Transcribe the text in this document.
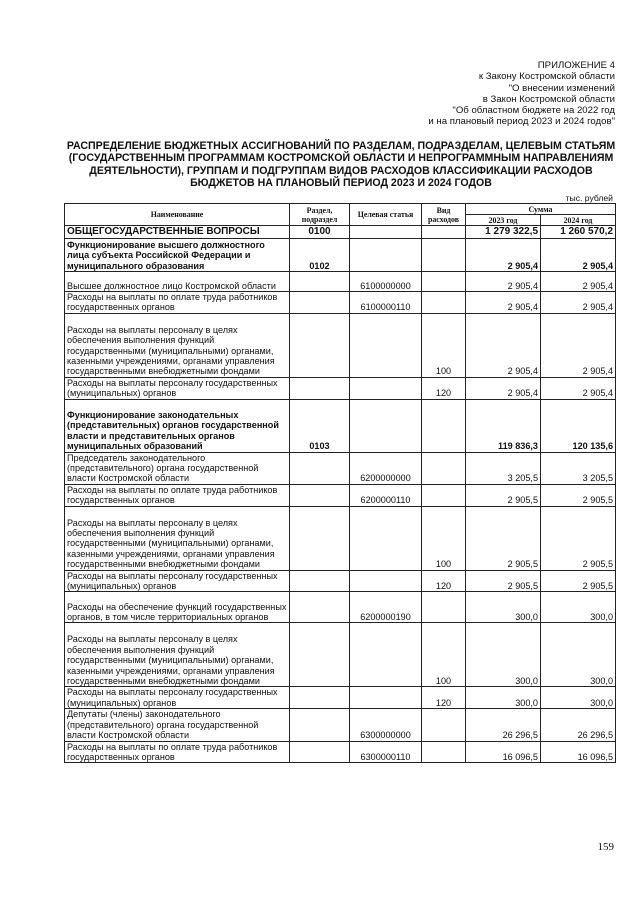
ПРИЛОЖЕНИЕ 4
к Закону Костромской области
"О внесении изменений
в Закон Костромской области
"Об областном бюджете на 2022 год
и на плановый период 2023 и 2024 годов"
РАСПРЕДЕЛЕНИЕ БЮДЖЕТНЫХ АССИГНОВАНИЙ ПО РАЗДЕЛАМ, ПОДРАЗДЕЛАМ, ЦЕЛЕВЫМ СТАТЬЯМ (ГОСУДАРСТВЕННЫМ ПРОГРАММАМ КОСТРОМСКОЙ ОБЛАСТИ И НЕПРОГРАММНЫМ НАПРАВЛЕНИЯМ ДЕЯТЕЛЬНОСТИ), ГРУППАМ И ПОДГРУППАМ ВИДОВ РАСХОДОВ КЛАССИФИКАЦИИ РАСХОДОВ БЮДЖЕТОВ НА ПЛАНОВЫЙ ПЕРИОД 2023 И 2024 ГОДОВ
тыс. рублей
Наименование	Раздел, подраздел	Целевая статья	Вид расходов	Сумма	
				2023 год	2024 год
ОБЩЕГОСУДАРСТВЕННЫЕ ВОПРОСЫ	0100			1 279 322,5	1 260 570,2
Функционирование высшего должностного лица субъекта Российской Федерации и муниципального образования	0102			2 905,4	2 905,4
Высшее должностное лицо Костромской области		6100000000		2 905,4	2 905,4
Расходы на выплаты по оплате труда работников государственных органов		6100000110		2 905,4	2 905,4
Расходы на выплаты персоналу в целях обеспечения выполнения функций государственными (муниципальными) органами, казенными учреждениями, органами управления государственными внебюджетными фондами			100	2 905,4	2 905,4
Расходы на выплаты персоналу государственных (муниципальных) органов			120	2 905,4	2 905,4
Функционирование законодательных (представительных) органов государственной власти и представительных органов муниципальных образований	0103			119 836,3	120 135,6
Председатель законодательного (представительного) органа государственной власти Костромской области		6200000000		3 205,5	3 205,5
Расходы на выплаты по оплате труда работников государственных органов		6200000110		2 905,5	2 905,5
Расходы на выплаты персоналу в целях обеспечения выполнения функций государственными (муниципальными) органами, казенными учреждениями, органами управления государственными внебюджетными фондами			100	2 905,5	2 905,5
Расходы на выплаты персоналу государственных (муниципальных) органов			120	2 905,5	2 905,5
Расходы на обеспечение функций государственных органов, в том числе территориальных органов		6200000190		300,0	300,0
Расходы на выплаты персоналу в целях обеспечения выполнения функций государственными (муниципальными) органами, казенными учреждениями, органами управления государственными внебюджетными фондами			100	300,0	300,0
Расходы на выплаты персоналу государственных (муниципальных) органов			120	300,0	300,0
Депутаты (члены) законодательного (представительного) органа государственной власти Костромской области		6300000000		26 296,5	26 296,5
Расходы на выплаты по оплате труда работников государственных органов		6300000110		16 096,5	16 096,5
159
